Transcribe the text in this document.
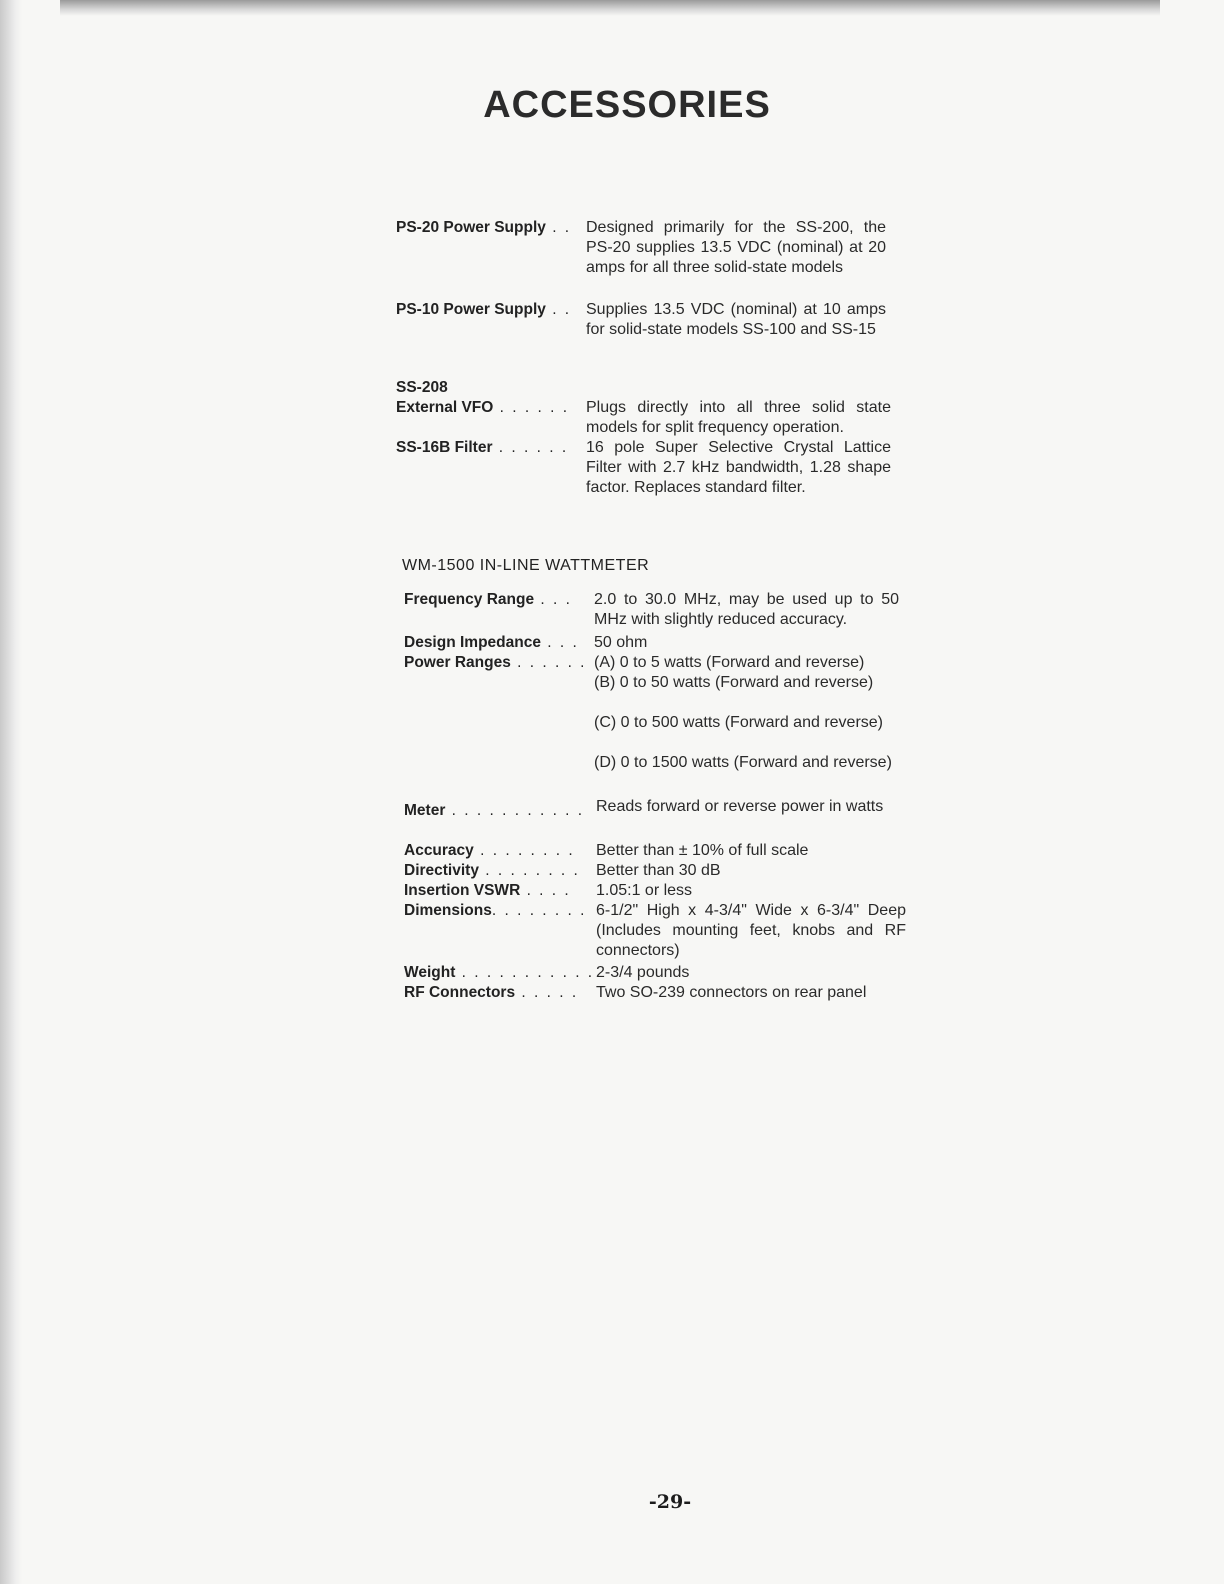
ACCESSORIES
PS-20 Power Supply . . Designed primarily for the SS-200, the PS-20 supplies 13.5 VDC (nominal) at 20 amps for all three solid-state models
PS-10 Power Supply . . Supplies 13.5 VDC (nominal) at 10 amps for solid-state models SS-100 and SS-15
SS-208
External VFO . . . . . . Plugs directly into all three solid state models for split frequency operation.
SS-16B Filter . . . . . . 16 pole Super Selective Crystal Lattice Filter with 2.7 kHz bandwidth, 1.28 shape factor. Replaces standard filter.
WM-1500 IN-LINE WATTMETER
Frequency Range . . . 2.0 to 30.0 MHz, may be used up to 50 MHz with slightly reduced accuracy.
Design Impedance . . . 50 ohm
Power Ranges . . . . . . (A) 0 to 5 watts (Forward and reverse)

(B) 0 to 50 watts (Forward and reverse)

(C) 0 to 500 watts (Forward and reverse)

(D) 0 to 1500 watts (Forward and reverse)

Meter . . . . . . . . . . . Reads forward or reverse power in watts
Accuracy . . . . . . . . Better than ± 10% of full scale
Directivity . . . . . . . . Better than 30 dB
Insertion VSWR . . . . 1.05:1 or less
Dimensions. . . . . . . . 6-1/2" High x 4-3/4" Wide x 6-3/4" Deep (Includes mounting feet, knobs and RF connectors)
Weight . . . . . . . . . . . 2-3/4 pounds
RF Connectors . . . . . Two SO-239 connectors on rear panel
-29-
